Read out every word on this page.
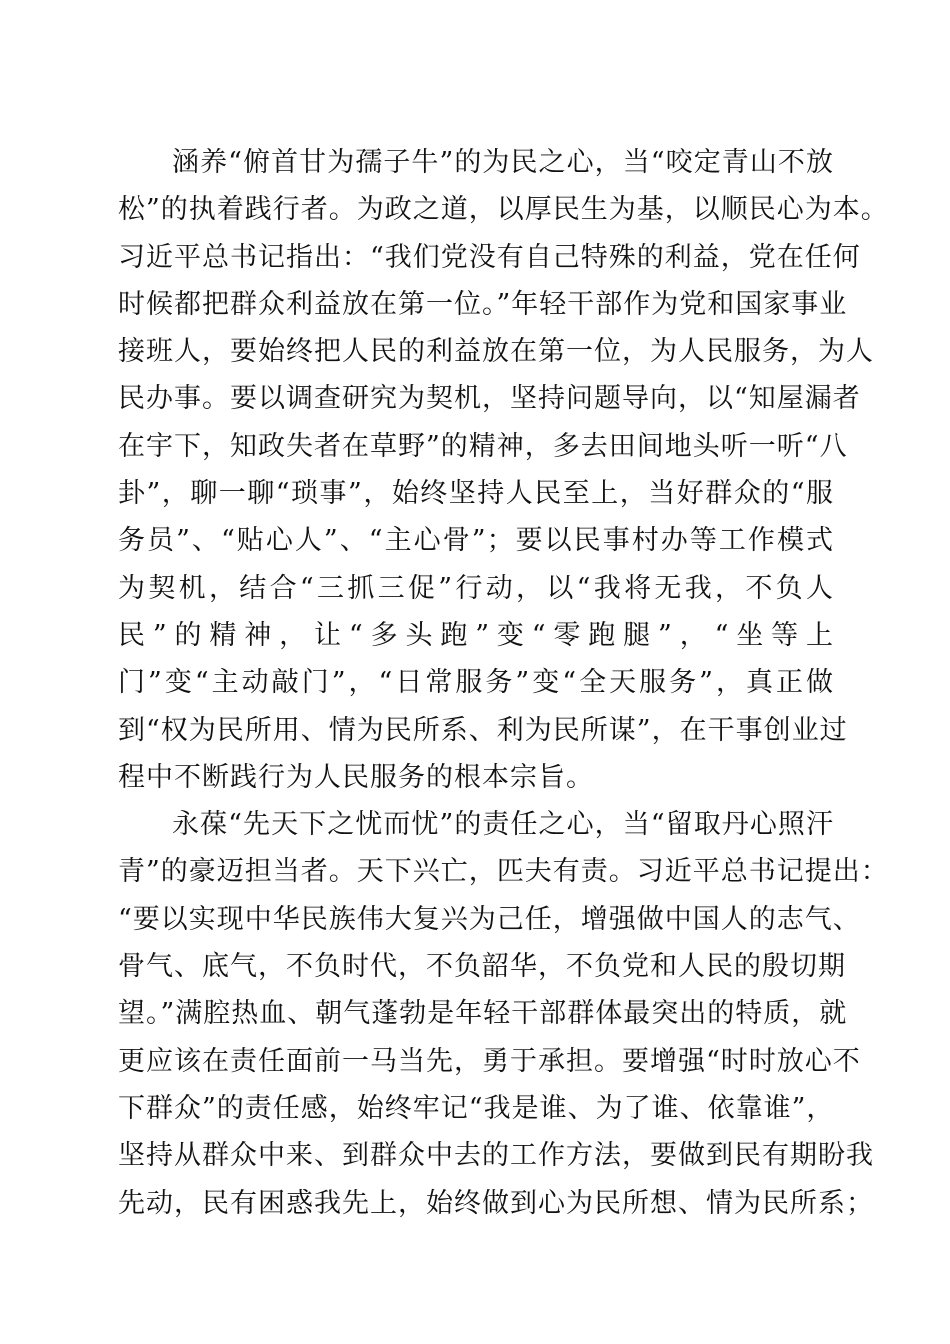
涵养“俯首甘为孺子牛”的为民之心，当“咬定青山不放
松”的执着践行者。为政之道，以厚民生为基，以顺民心为本。
习近平总书记指出：“我们党没有自己特殊的利益，党在任何
时候都把群众利益放在第一位。”年轻干部作为党和国家事业
接班人，要始终把人民的利益放在第一位，为人民服务，为人
民办事。要以调查研究为契机，坚持问题导向，以“知屋漏者
在宇下，知政失者在草野”的精神，多去田间地头听一听“八
卦”，聊一聊“琐事”，始终坚持人民至上，当好群众的“服
务员”、“贴心人”、“主心骨”；要以民事村办等工作模式
为契机，结合“三抓三促”行动，以“我将无我，不负人
民”的精神，让“多头跑”变“零跑腿”，“坐等上
门”变“主动敲门”，“日常服务”变“全天服务”，真正做
到“权为民所用、情为民所系、利为民所谋”，在干事创业过
程中不断践行为人民服务的根本宗旨。
永葆“先天下之忧而忧”的责任之心，当“留取丹心照汗
青”的豪迈担当者。天下兴亡，匹夫有责。习近平总书记提出：
“要以实现中华民族伟大复兴为己任，增强做中国人的志气、
骨气、底气，不负时代，不负韶华，不负党和人民的殷切期
望。”满腔热血、朝气蓬勃是年轻干部群体最突出的特质，就
更应该在责任面前一马当先，勇于承担。要增强“时时放心不
下群众”的责任感，始终牢记“我是谁、为了谁、依靠谁”，
坚持从群众中来、到群众中去的工作方法，要做到民有期盼我
先动，民有困惑我先上，始终做到心为民所想、情为民所系；
